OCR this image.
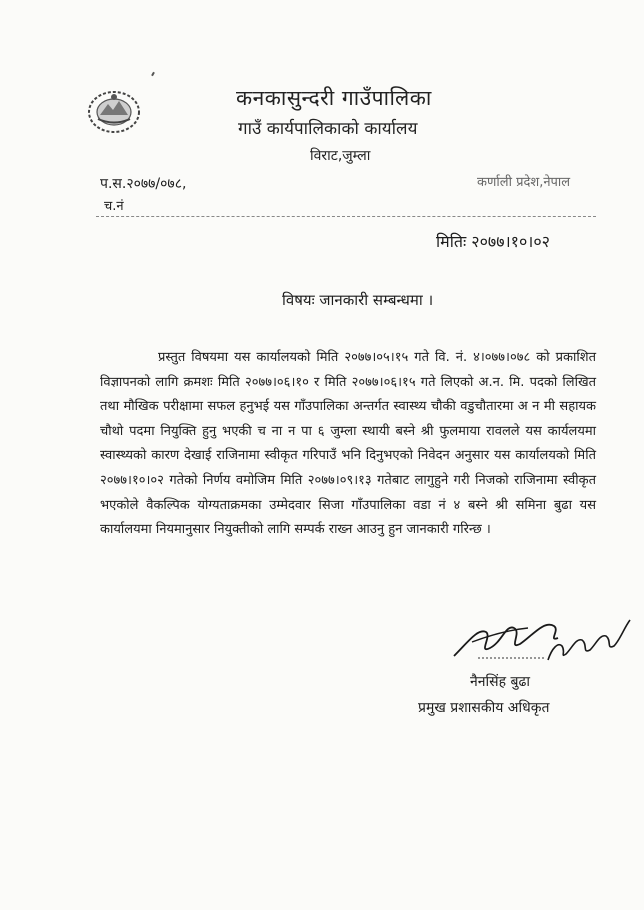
कनकासुन्दरी गाउँपालिका
गाउँ कार्यपालिकाको कार्यालय
विराट,जुम्ला
कर्णाली प्रदेश,नेपाल
प.स.२०७७/०७८,
च.नं
मितिः २०७७।१०।०२
विषयः जानकारी सम्बन्धमा ।
प्रस्तुत विषयमा यस कार्यालयको मिति २०७७।०५।१५ गते वि. नं. ४।०७७।०७८ को प्रकाशित विज्ञापनको लागि क्रमशः मिति २०७७।०६।१० र मिति २०७७।०६।१५ गते लिएको अ.न. मि. पदको लिखित तथा मौखिक परीक्षामा सफल हनुभई यस गाँउपालिका अन्तर्गत स्वास्थ्य चौकी वडुचौतारमा अ न मी सहायक चौथो पदमा नियुक्ति हुनु भएकी च ना न पा ६ जुम्ला स्थायी बस्ने श्री फुलमाया रावलले यस कार्यलयमा स्वास्थ्यको कारण देखाई राजिनामा स्वीकृत गरिपाउँ भनि दिनुभएको निवेदन अनुसार यस कार्यालयको मिति २०७७।१०।०२ गतेको निर्णय वमोजिम मिति २०७७।०९।१३ गतेबाट लागुहुने गरी निजको राजिनामा स्वीकृत भएकोले वैकल्पिक योग्यताक्रमका उम्मेदवार सिजा गाँउपालिका वडा नं ४ बस्ने श्री समिना बुढा यस कार्यालयमा नियमानुसार नियुक्तीको लागि सम्पर्क राख्न आउनु हुन जानकारी गरिन्छ ।
नैनसिंह बुढा
प्रमुख प्रशासकीय अधिकृत
